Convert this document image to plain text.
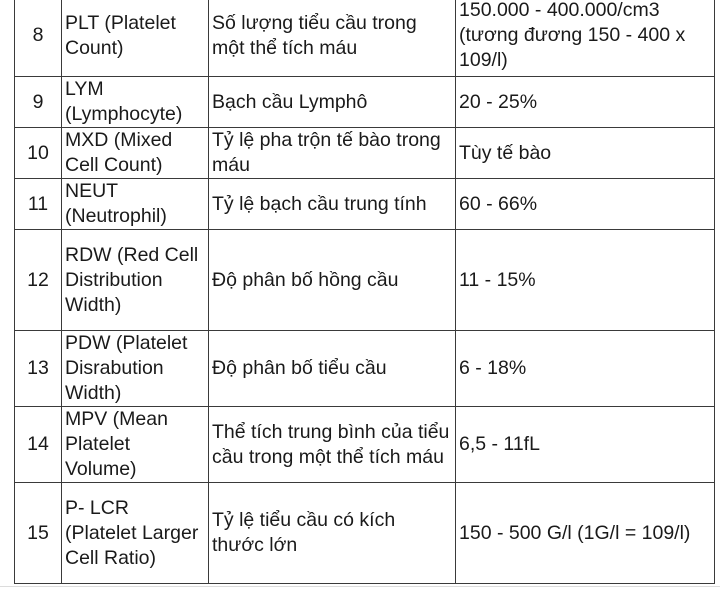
8	PLT (Platelet Count)	Số lượng tiểu cầu trong một thể tích máu	150.000 - 400.000/cm3 (tương đương 150 - 400 x 109/l)
9	LYM (Lymphocyte)	Bạch cầu Lymphô	20 - 25%
10	MXD (Mixed Cell Count)	Tỷ lệ pha trộn tế bào trong máu	Tùy tế bào
11	NEUT (Neutrophil)	Tỷ lệ bạch cầu trung tính	60 - 66%
12	RDW (Red Cell Distribution Width)	Độ phân bố hồng cầu	11 - 15%
13	PDW (Platelet Disrabution Width)	Độ phân bố tiểu cầu	6 - 18%
14	MPV (Mean Platelet Volume)	Thể tích trung bình của tiểu cầu trong một thể tích máu	6,5 - 11fL
15	P- LCR (Platelet Larger Cell Ratio)	Tỷ lệ tiểu cầu có kích thước lớn	150 - 500 G/l (1G/l = 109/l)
